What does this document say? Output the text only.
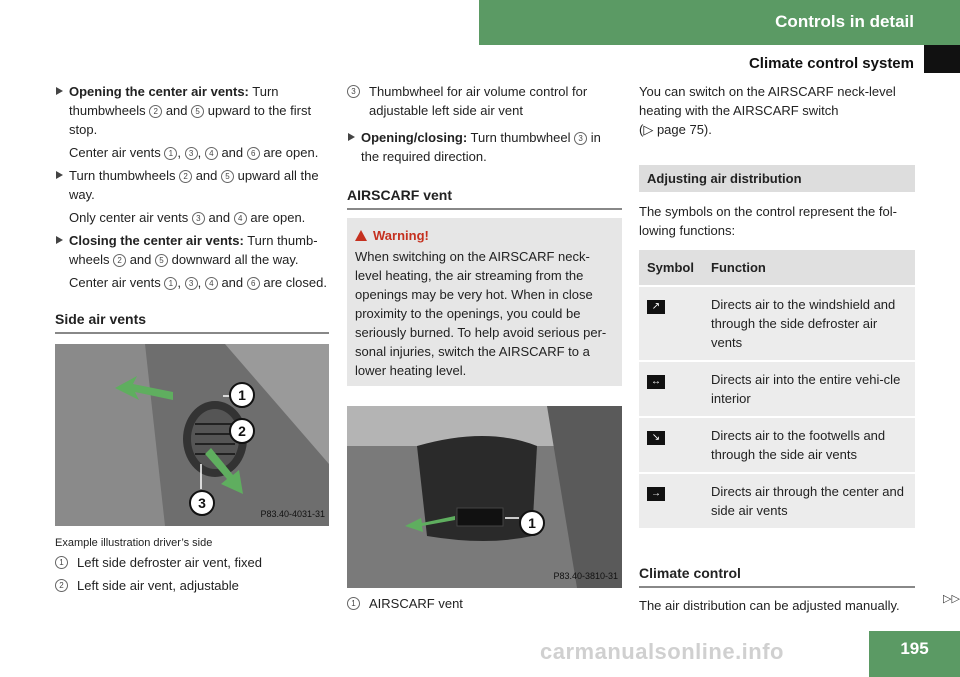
Controls in detail
Climate control system

Opening the center air vents: Turn thumbwheels 2 and 5 upward to the first stop.

Center air vents 1 , 3 , 4 and 6 are open.

Turn thumbwheels 2 and 5 upward all the way.

Only center air vents 3 and 4 are open.

Closing the center air vents: Turn thumb-wheels 2 and 5 downward all the way.

Center air vents 1 , 3 , 4 and 6 are closed.

Side air vents
1
2
3
P83.40-4031-31
Example illustration driver’s side

1	Left side defroster air vent, fixed

2	Left side air vent, adjustable

3	Thumbwheel for air volume control for adjustable left side air vent

Opening/closing: Turn thumbwheel 3 in the required direction.

AIRSCARF vent
Warning!
When switching on the AIRSCARF neck-level heating, the air streaming from the openings may be very hot. When in close proximity to the openings, you could be seriously burned. To help avoid serious per-sonal injuries, switch the AIRSCARF to a lower heating level.
1
P83.40-3810-31

1	AIRSCARF vent

You can switch on the AIRSCARF neck-level heating with the AIRSCARF switch
(▷ page 75).

Adjusting air distribution

The symbols on the control represent the fol-lowing functions:

Symbol	Function
↗	Directs air to the windshield and through the side defroster air vents
↔	Directs air into the entire vehi-cle interior
↘	Directs air to the footwells and through the side air vents
→	Directs air through the center and side air vents
Climate control

The air distribution can be adjusted manually.	▷▷
carmanualsonline.info	195
